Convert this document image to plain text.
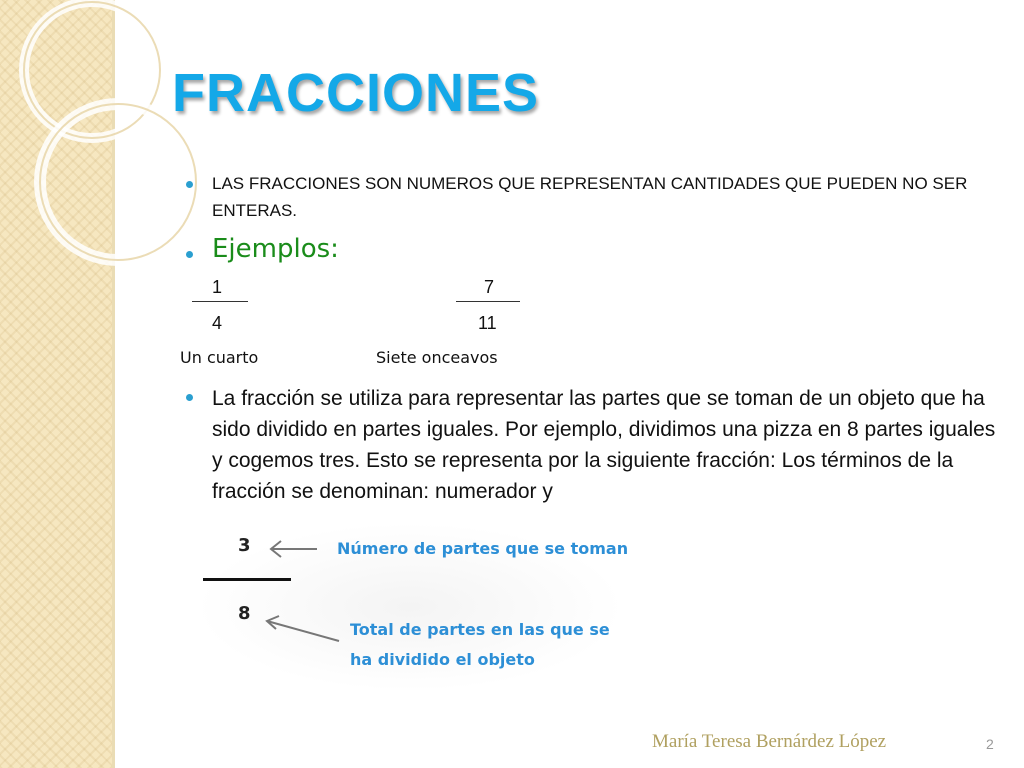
FRACCIONES

LAS FRACCIONES SON NUMEROS QUE REPRESENTAN CANTIDADES QUE PUEDEN NO SER ENTERAS.

Ejemplos:
1
4
Un cuarto
7
11
Siete onceavos

La fracción se utiliza para representar las partes que se toman de un objeto que ha sido dividido en partes iguales. Por ejemplo, dividimos una pizza en 8 partes iguales y cogemos tres. Esto se representa por la siguiente fracción: Los términos de la fracción se denominan: numerador y

3
8
Número de partes que se toman
Total de partes en las que se
ha dividido el objeto
María Teresa Bernárdez López	2
